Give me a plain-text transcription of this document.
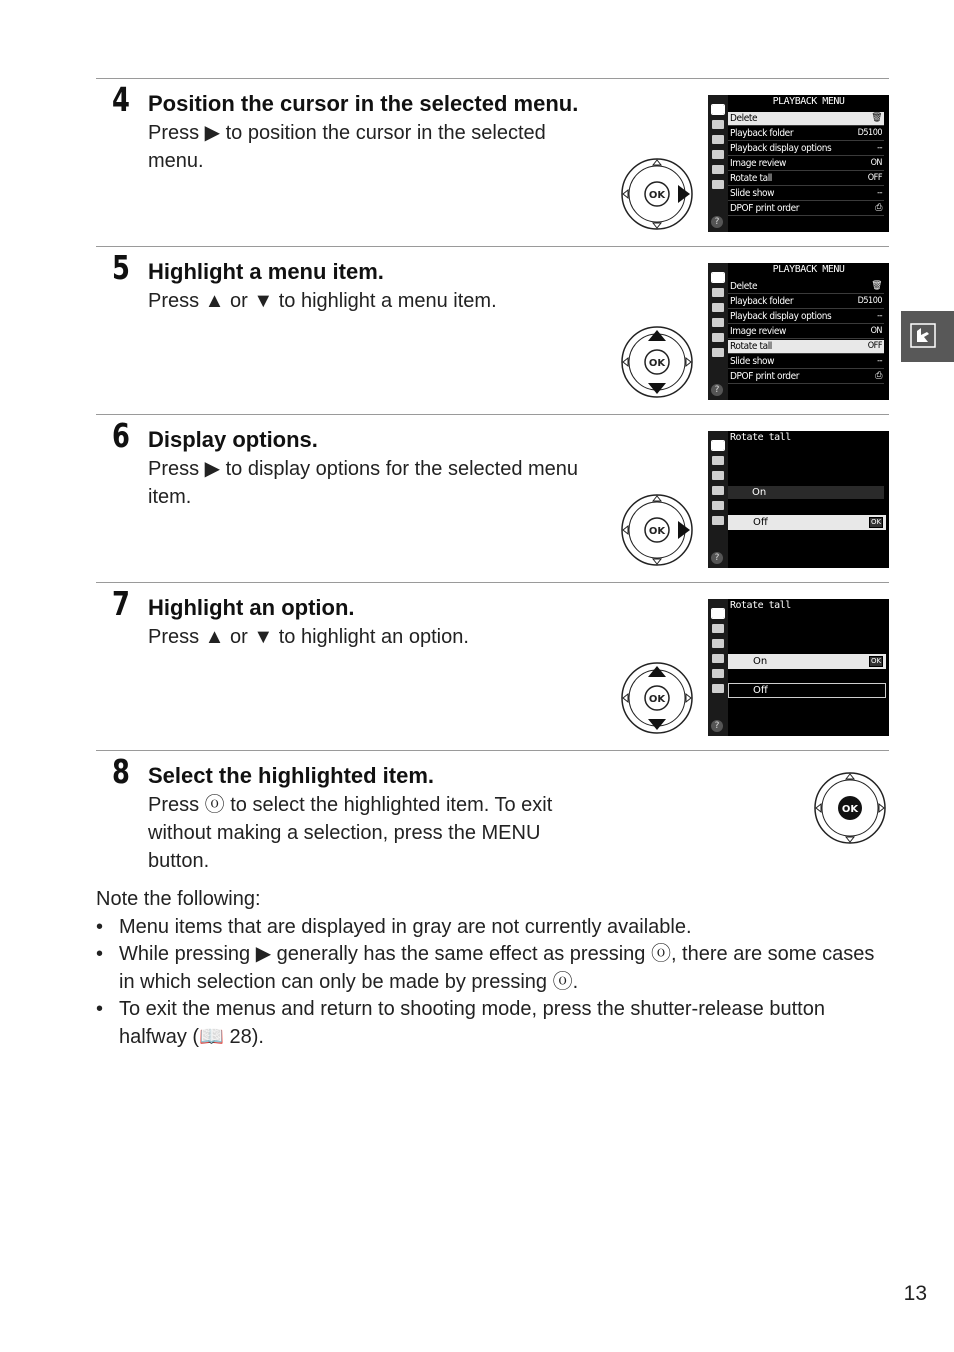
4 Position the cursor in the selected menu.
Press ▶ to position the cursor in the selected
menu.
OK
?
PLAYBACK MENU
Delete	🗑
Playback folder	D5100
Playback display options	--
Image review	ON
Rotate tall	OFF
Slide show	--
DPOF print order	⎙
5 Highlight a menu item.
Press ▲ or ▼ to highlight a menu item.
OK
?
PLAYBACK MENU
Delete	🗑
Playback folder	D5100
Playback display options	--
Image review	ON
Rotate tall	OFF
Slide show	--
DPOF print order	⎙
6 Display options.
Press ▶ to display options for the selected menu
item.
OK
?
Rotate tall
On
Off	OK
7 Highlight an option.
Press ▲ or ▼ to highlight an option.
OK
?
Rotate tall
On	OK
Off
8 Select the highlighted item.
Press ⓞ to select the highlighted item. To exit
without making a selection, press the MENU
button.
OK
Note the following:
• Menu items that are displayed in gray are not currently available.
• While pressing ▶ generally has the same effect as pressing ⓞ, there are some cases in which selection can only be made by pressing ⓞ.
• To exit the menus and return to shooting mode, press the shutter-release button halfway (📖 28).
13
